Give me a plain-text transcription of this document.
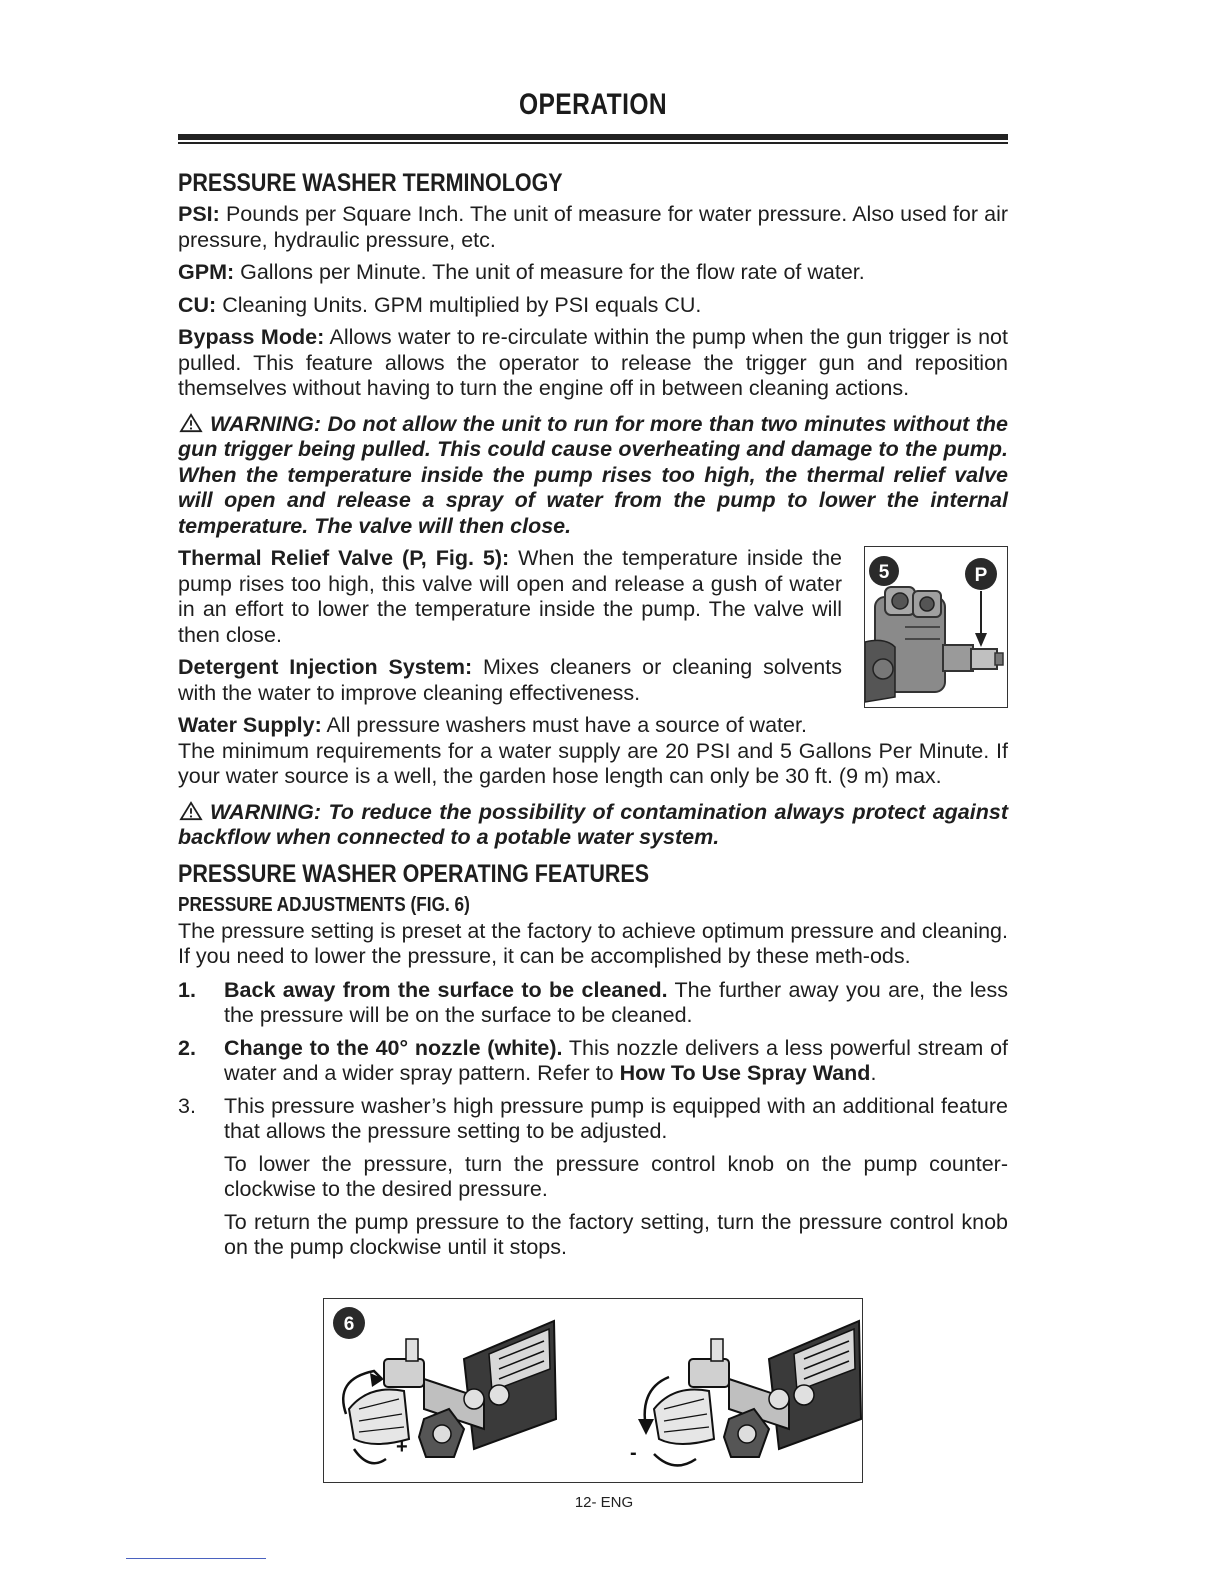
OPERATION
PRESSURE WASHER TERMINOLOGY

PSI: Pounds per Square Inch. The unit of measure for water pressure. Also used for air pressure, hydraulic pressure, etc.

GPM: Gallons per Minute. The unit of measure for the flow rate of water.

CU: Cleaning Units. GPM multiplied by PSI equals CU.

Bypass Mode: Allows water to re-circulate within the pump when the gun trigger is not pulled. This feature allows the operator to release the trigger gun and reposition themselves without having to turn the engine off in between cleaning actions.

WARNING: Do not allow the unit to run for more than two minutes without the gun trigger being pulled. This could cause overheating and damage to the pump. When the temperature inside the pump rises too high, the thermal relief valve will open and release a spray of water from the pump to lower the internal temperature. The valve will then close.

5	P

Thermal Relief Valve (P, Fig. 5): When the temperature inside the pump rises too high, this valve will open and release a gush of water in an effort to lower the temperature inside the pump. The valve will then close.

Detergent Injection System: Mixes cleaners or cleaning solvents with the water to improve cleaning effectiveness.

Water Supply: All pressure washers must have a source of water.

The minimum requirements for a water supply are 20 PSI and 5 Gallons Per Minute. If your water source is a well, the garden hose length can only be 30 ft. (9 m) max.

WARNING: To reduce the possibility of contamination always protect against backflow when connected to a potable water system.

PRESSURE WASHER OPERATING FEATURES
PRESSURE ADJUSTMENTS (FIG. 6)

The pressure setting is preset at the factory to achieve optimum pressure and cleaning. If you need to lower the pressure, it can be accomplished by these meth-ods.

1. Back away from the surface to be cleaned. The further away you are, the less the pressure will be on the surface to be cleaned.
2. Change to the 40° nozzle (white). This nozzle delivers a less powerful stream of water and a wider spray pattern. Refer to How To Use Spray Wand.
3. This pressure washer’s high pressure pump is equipped with an additional feature that allows the pressure setting to be adjusted.

To lower the pressure, turn the pressure control knob on the pump counter-clockwise to the desired pressure.

To return the pump pressure to the factory setting, turn the pressure control knob on the pump clockwise until it stops.

6
+	-
12- ENG
